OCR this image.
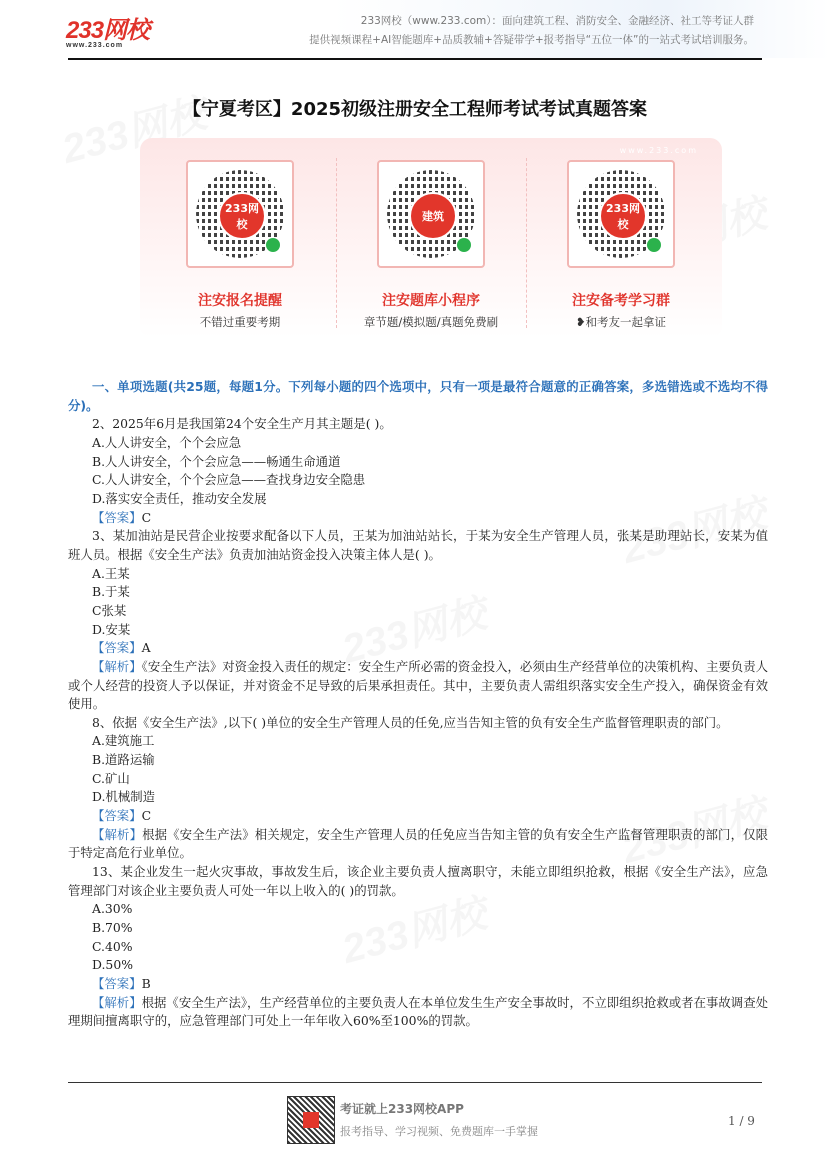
233网校
www.233.com
233网校（www.233.com）：面向建筑工程、消防安全、金融经济、社工等考证人群
提供视频课程+AI智能题库+品质教辅+答疑带学+报考指导“五位一体”的一站式考试培训服务。
【宁夏考区】2025初级注册安全工程师考试考试真题答案
www.233.com
233网校
注安报名提醒
不错过重要考期
建筑
注安题库小程序
章节题/模拟题/真题免费刷
233网校
注安备考学习群
❥和考友一起拿证

一、单项选题(共25题，每题1分。下列每小题的四个选项中，只有一项是最符合题意的正确答案，多选错选或不选均不得分)。

2、2025年6月是我国第24个安全生产月其主题是( )。

A.人人讲安全，个个会应急

B.人人讲安全，个个会应急——畅通生命通道

C.人人讲安全，个个会应急——查找身边安全隐患

D.落实安全责任，推动安全发展

【答案】C

3、某加油站是民营企业按要求配备以下人员，王某为加油站站长，于某为安全生产管理人员，张某是助理站长，安某为值班人员。根据《安全生产法》负责加油站资金投入决策主体人是( )。

A.王某

B.于某

C张某

D.安某

【答案】A

【解析】《安全生产法》对资金投入责任的规定：安全生产所必需的资金投入，必须由生产经营单位的决策机构、主要负责人或个人经营的投资人予以保证，并对资金不足导致的后果承担责任。其中，主要负责人需组织落实安全生产投入，确保资金有效使用。

8、依据《安全生产法》,以下( )单位的安全生产管理人员的任免,应当告知主管的负有安全生产监督管理职责的部门。

A.建筑施工

B.道路运输

C.矿山

D.机械制造

【答案】C

【解析】根据《安全生产法》相关规定，安全生产管理人员的任免应当告知主管的负有安全生产监督管理职责的部门，仅限于特定高危行业单位。

13、某企业发生一起火灾事故，事故发生后，该企业主要负责人擅离职守，未能立即组织抢救，根据《安全生产法》，应急管理部门对该企业主要负责人可处一年以上收入的( )的罚款。

A.30%

B.70%

C.40%

D.50%

【答案】B

【解析】根据《安全生产法》，生产经营单位的主要负责人在本单位发生生产安全事故时，不立即组织抢救或者在事故调查处理期间擅离职守的，应急管理部门可处上一年年收入60%至100%的罚款。

考证就上233网校APP
报考指导、学习视频、免费题库一手掌握
1 / 9
